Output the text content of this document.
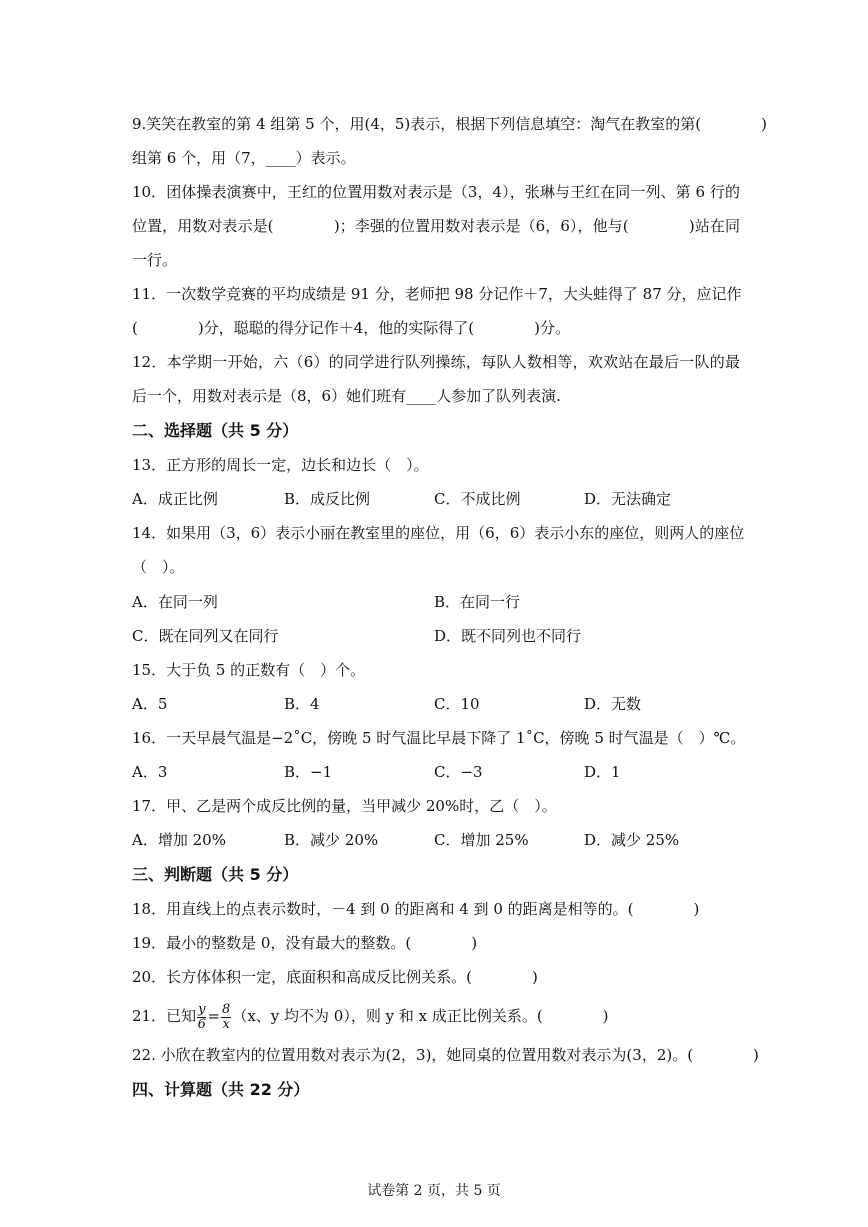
9.笑笑在教室的第 4 组第 5 个，用(4，5)表示，根据下列信息填空：淘气在教室的第(　　　　)
组第 6 个，用（7，____）表示。
10．团体操表演赛中，王红的位置用数对表示是（3，4），张琳与王红在同一列、第 6 行的
位置，用数对表示是(　　　　)；李强的位置用数对表示是（6，6），他与(　　　　)站在同
一行。
11．一次数学竞赛的平均成绩是 91 分，老师把 98 分记作＋7，大头蛙得了 87 分，应记作
(　　　　)分，聪聪的得分记作＋4，他的实际得了(　　　　)分。
12．本学期一开始，六（6）的同学进行队列操练，每队人数相等，欢欢站在最后一队的最
后一个，用数对表示是（8，6）她们班有____人参加了队列表演.
二、选择题（共 5 分）
13．正方形的周长一定，边长和边长（　）。
A．成正比例	B．成反比例	C．不成比例	D．无法确定
14．如果用（3，6）表示小丽在教室里的座位，用（6，6）表示小东的座位，则两人的座位
（　）。
A．在同一列	B．在同一行
C．既在同列又在同行	D．既不同列也不同行
15．大于负 5 的正数有（　）个。
A．5	B．4	C．10	D．无数
16．一天早晨气温是−2˚C，傍晚 5 时气温比早晨下降了 1˚C，傍晚 5 时气温是（　）℃。
A．3	B．−1	C．−3	D．1
17．甲、乙是两个成反比例的量，当甲减少 20%时，乙（　）。
A．增加 20%	B．减少 20%	C．增加 25%	D．减少 25%
三、判断题（共 5 分）
18．用直线上的点表示数时，－4 到 0 的距离和 4 到 0 的距离是相等的。(　　　　)
19．最小的整数是 0，没有最大的整数。(　　　　)
20．长方体体积一定，底面积和高成反比例关系。(　　　　)
21．已知 $\frac{y}{6} = \frac{8}{x} (x$、y 均不为 0），则 y 和 x 成正比例关系。(　　　　)
22. 小欣在教室内的位置用数对表示为(2，3)，她同桌的位置用数对表示为(3，2)。(　　　　)
四、计算题（共 22 分）
试卷第 2 页，共 5 页
